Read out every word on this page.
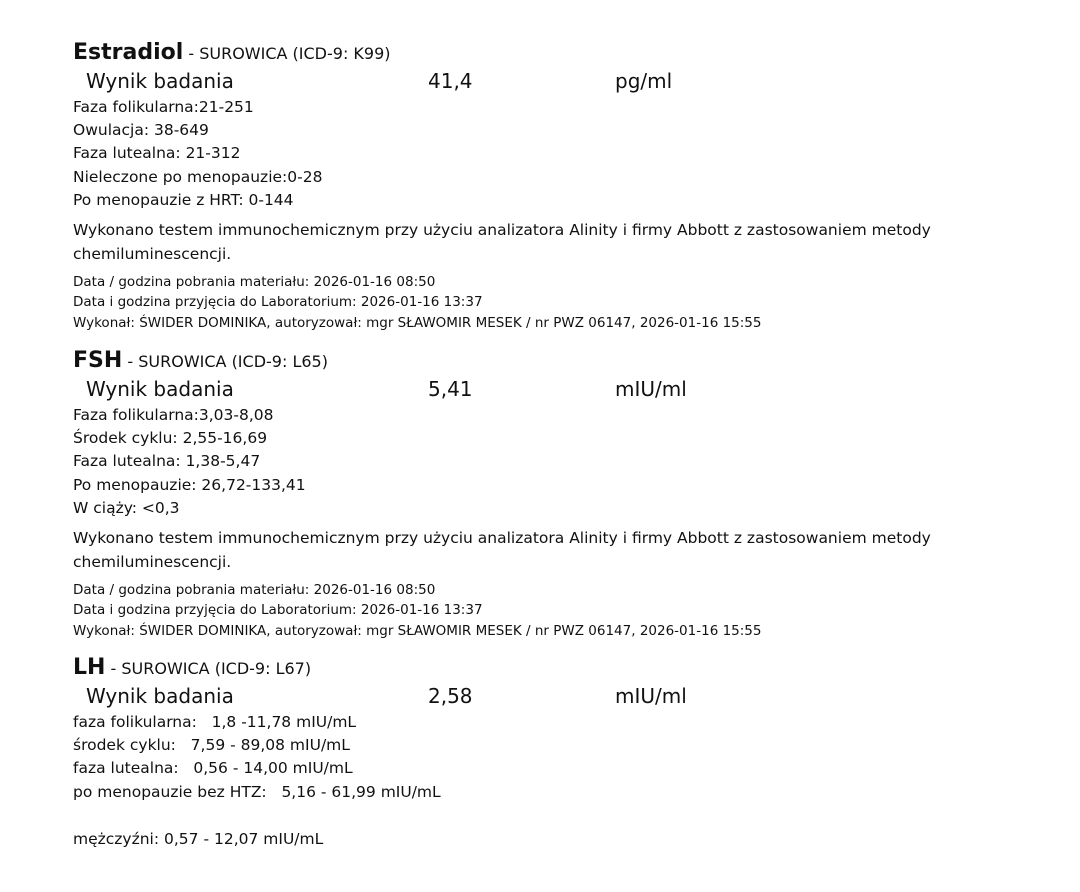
Estradiol - SUROWICA (ICD-9: K99)
Wynik badania	41,4	pg/ml
Faza folikularna:21-251
Owulacja: 38-649
Faza lutealna: 21-312
Nieleczone po menopauzie:0-28
Po menopauzie z HRT: 0-144
Wykonano testem immunochemicznym przy użyciu analizatora Alinity i firmy Abbott z zastosowaniem metody chemiluminescencji.
Data / godzina pobrania materiału: 2026-01-16 08:50
Data i godzina przyjęcia do Laboratorium: 2026-01-16 13:37
Wykonał: ŚWIDER DOMINIKA, autoryzował: mgr SŁAWOMIR MESEK / nr PWZ 06147, 2026-01-16 15:55
FSH - SUROWICA (ICD-9: L65)
Wynik badania	5,41	mIU/ml
Faza folikularna:3,03-8,08
Środek cyklu: 2,55-16,69
Faza lutealna: 1,38-5,47
Po menopauzie: 26,72-133,41
W ciąży: <0,3
Wykonano testem immunochemicznym przy użyciu analizatora Alinity i firmy Abbott z zastosowaniem metody chemiluminescencji.
Data / godzina pobrania materiału: 2026-01-16 08:50
Data i godzina przyjęcia do Laboratorium: 2026-01-16 13:37
Wykonał: ŚWIDER DOMINIKA, autoryzował: mgr SŁAWOMIR MESEK / nr PWZ 06147, 2026-01-16 15:55
LH - SUROWICA (ICD-9: L67)
Wynik badania	2,58	mIU/ml
faza folikularna:   1,8 -11,78 mIU/mL
środek cyklu:   7,59 - 89,08 mIU/mL
faza lutealna:   0,56 - 14,00 mIU/mL
po menopauzie bez HTZ:   5,16 - 61,99 mIU/mL
mężczyźni: 0,57 - 12,07 mIU/mL
